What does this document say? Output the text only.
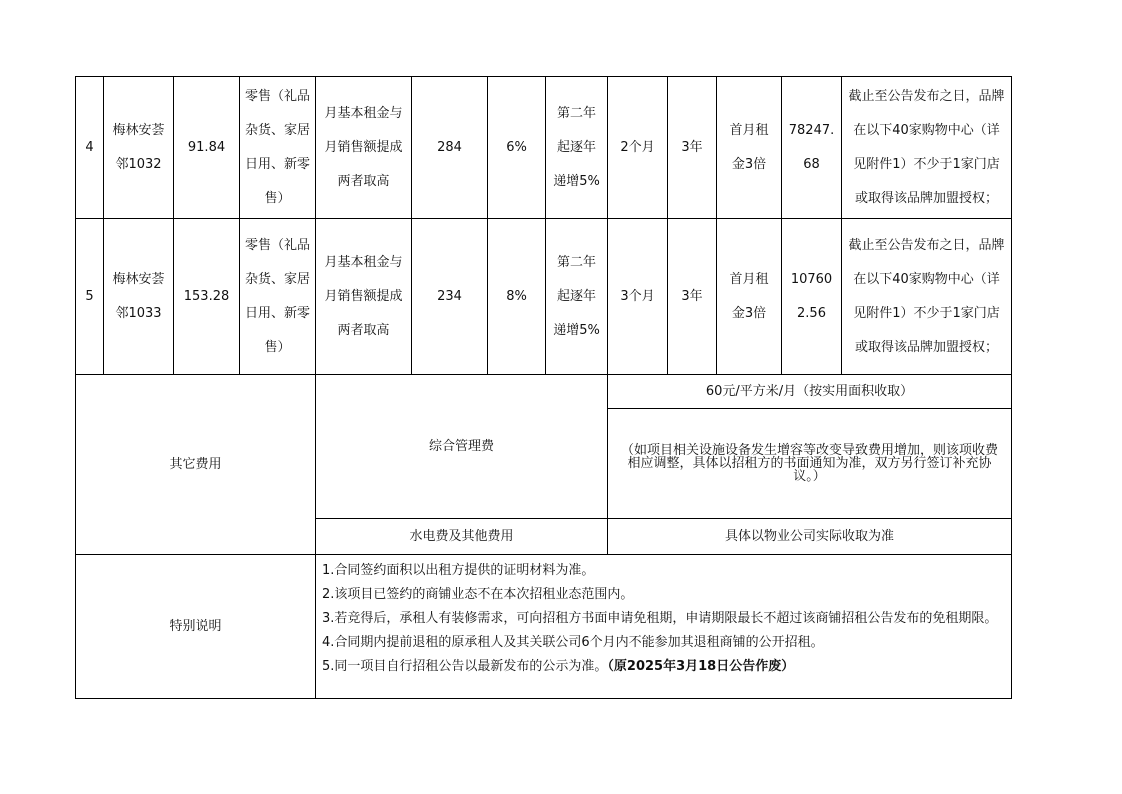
4	梅林安荟
邻1032	91.84	零售（礼品
杂货、家居
日用、新零
售）	月基本租金与
月销售额提成
两者取高	284	6%	第二年
起逐年
递增5%	2个月	3年	首月租
金3倍	78247.
68	截止至公告发布之日，品牌
在以下40家购物中心（详
见附件1）不少于1家门店
或取得该品牌加盟授权；

5	梅林安荟
邻1033	153.28	零售（礼品
杂货、家居
日用、新零
售）	月基本租金与
月销售额提成
两者取高	234	8%	第二年
起逐年
递增5%	3个月	3年	首月租
金3倍	10760
2.56	截止至公告发布之日，品牌
在以下40家购物中心（详
见附件1）不少于1家门店
或取得该品牌加盟授权；

其它费用				综合管理费				60元/平方米/月（按实用面积收取）				
								（如项目相关设施设备发生增容等改变导致费用增加，则该项收费相应调整，具体以招租方的书面通知为准，双方另行签订补充协议。）				
				水电费及其他费用				具体以物业公司实际收取为准				
特别说明				1.合同签约面积以出租方提供的证明材料为准。
2.该项目已签约的商铺业态不在本次招租业态范围内。
3.若竞得后，承租人有装修需求，可向招租方书面申请免租期，申请期限最长不超过该商铺招租公告发布的免租期限。
4.合同期内提前退租的原承租人及其关联公司6个月内不能参加其退租商铺的公开招租。
5.同一项目自行招租公告以最新发布的公示为准。（原2025年3月18日公告作废）								
